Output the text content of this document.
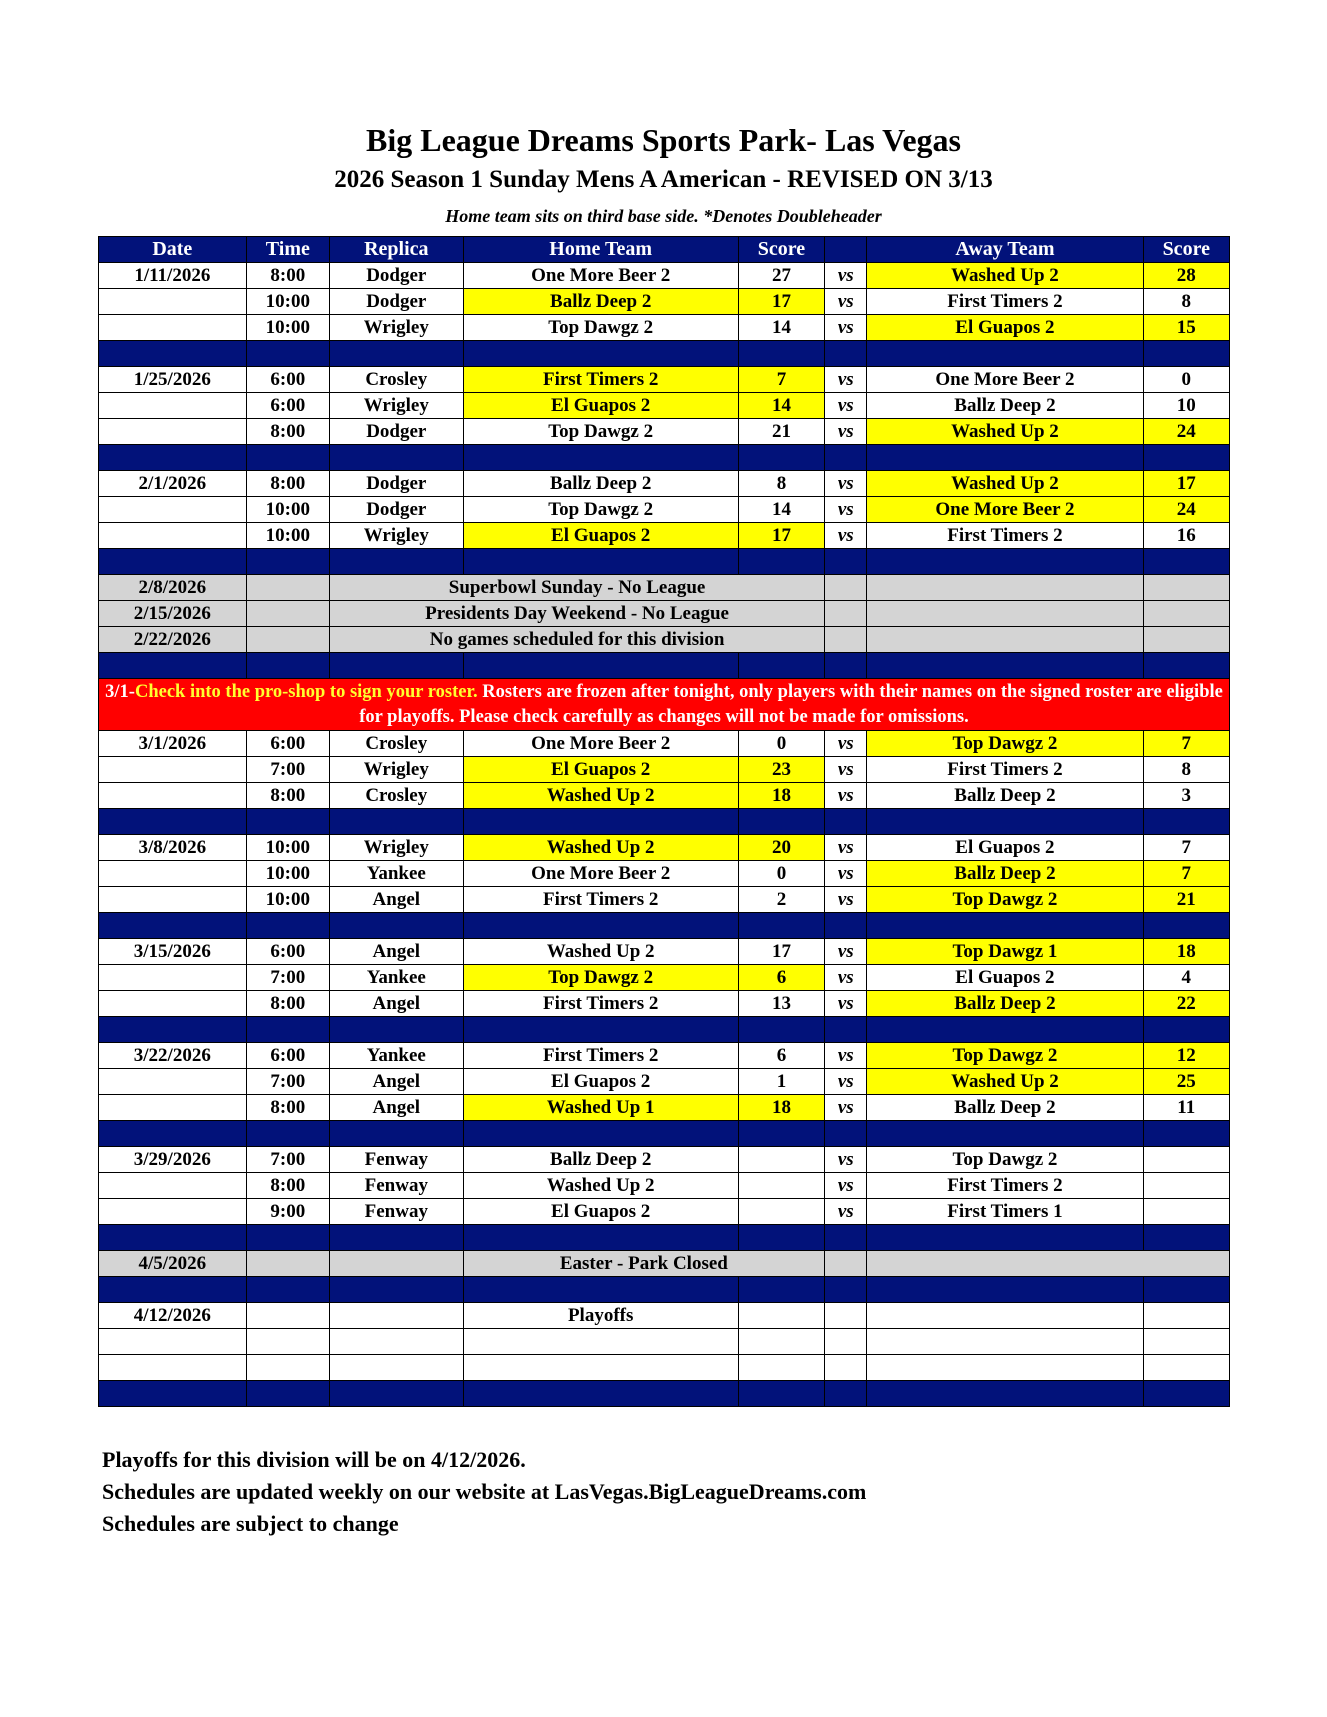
Big League Dreams Sports Park- Las Vegas
2026 Season 1 Sunday Mens A American - REVISED ON 3/13
Home team sits on third base side. *Denotes Doubleheader
Date	Time	Replica	Home Team	Score		Away Team	Score
1/11/2026	8:00	Dodger	One More Beer 2	27	vs	Washed Up 2	28
	10:00	Dodger	Ballz Deep 2	17	vs	First Timers 2	8
	10:00	Wrigley	Top Dawgz 2	14	vs	El Guapos 2	15

1/25/2026	6:00	Crosley	First Timers 2	7	vs	One More Beer 2	0
	6:00	Wrigley	El Guapos 2	14	vs	Ballz Deep 2	10
	8:00	Dodger	Top Dawgz 2	21	vs	Washed Up 2	24

2/1/2026	8:00	Dodger	Ballz Deep 2	8	vs	Washed Up 2	17
	10:00	Dodger	Top Dawgz 2	14	vs	One More Beer 2	24
	10:00	Wrigley	El Guapos 2	17	vs	First Timers 2	16

2/8/2026		Superbowl Sunday - No League					
2/15/2026		Presidents Day Weekend - No League					
2/22/2026		No games scheduled for this division					

3/1-Check into the pro-shop to sign your roster. Rosters are frozen after tonight, only players with their names on the signed roster are eligible for playoffs. Please check carefully as changes will not be made for omissions.							
3/1/2026	6:00	Crosley	One More Beer 2	0	vs	Top Dawgz 2	7
	7:00	Wrigley	El Guapos 2	23	vs	First Timers 2	8
	8:00	Crosley	Washed Up 2	18	vs	Ballz Deep 2	3

3/8/2026	10:00	Wrigley	Washed Up 2	20	vs	El Guapos 2	7
	10:00	Yankee	One More Beer 2	0	vs	Ballz Deep 2	7
	10:00	Angel	First Timers 2	2	vs	Top Dawgz 2	21

3/15/2026	6:00	Angel	Washed Up 2	17	vs	Top Dawgz 1	18
	7:00	Yankee	Top Dawgz 2	6	vs	El Guapos 2	4
	8:00	Angel	First Timers 2	13	vs	Ballz Deep 2	22

3/22/2026	6:00	Yankee	First Timers 2	6	vs	Top Dawgz 2	12
	7:00	Angel	El Guapos 2	1	vs	Washed Up 2	25
	8:00	Angel	Washed Up 1	18	vs	Ballz Deep 2	11

3/29/2026	7:00	Fenway	Ballz Deep 2		vs	Top Dawgz 2	
	8:00	Fenway	Washed Up 2		vs	First Timers 2	
	9:00	Fenway	El Guapos 2		vs	First Timers 1	

4/5/2026			Easter - Park Closed				

4/12/2026			Playoffs				

Playoffs for this division will be on 4/12/2026.
Schedules are updated weekly on our website at LasVegas.BigLeagueDreams.com
Schedules are subject to change
